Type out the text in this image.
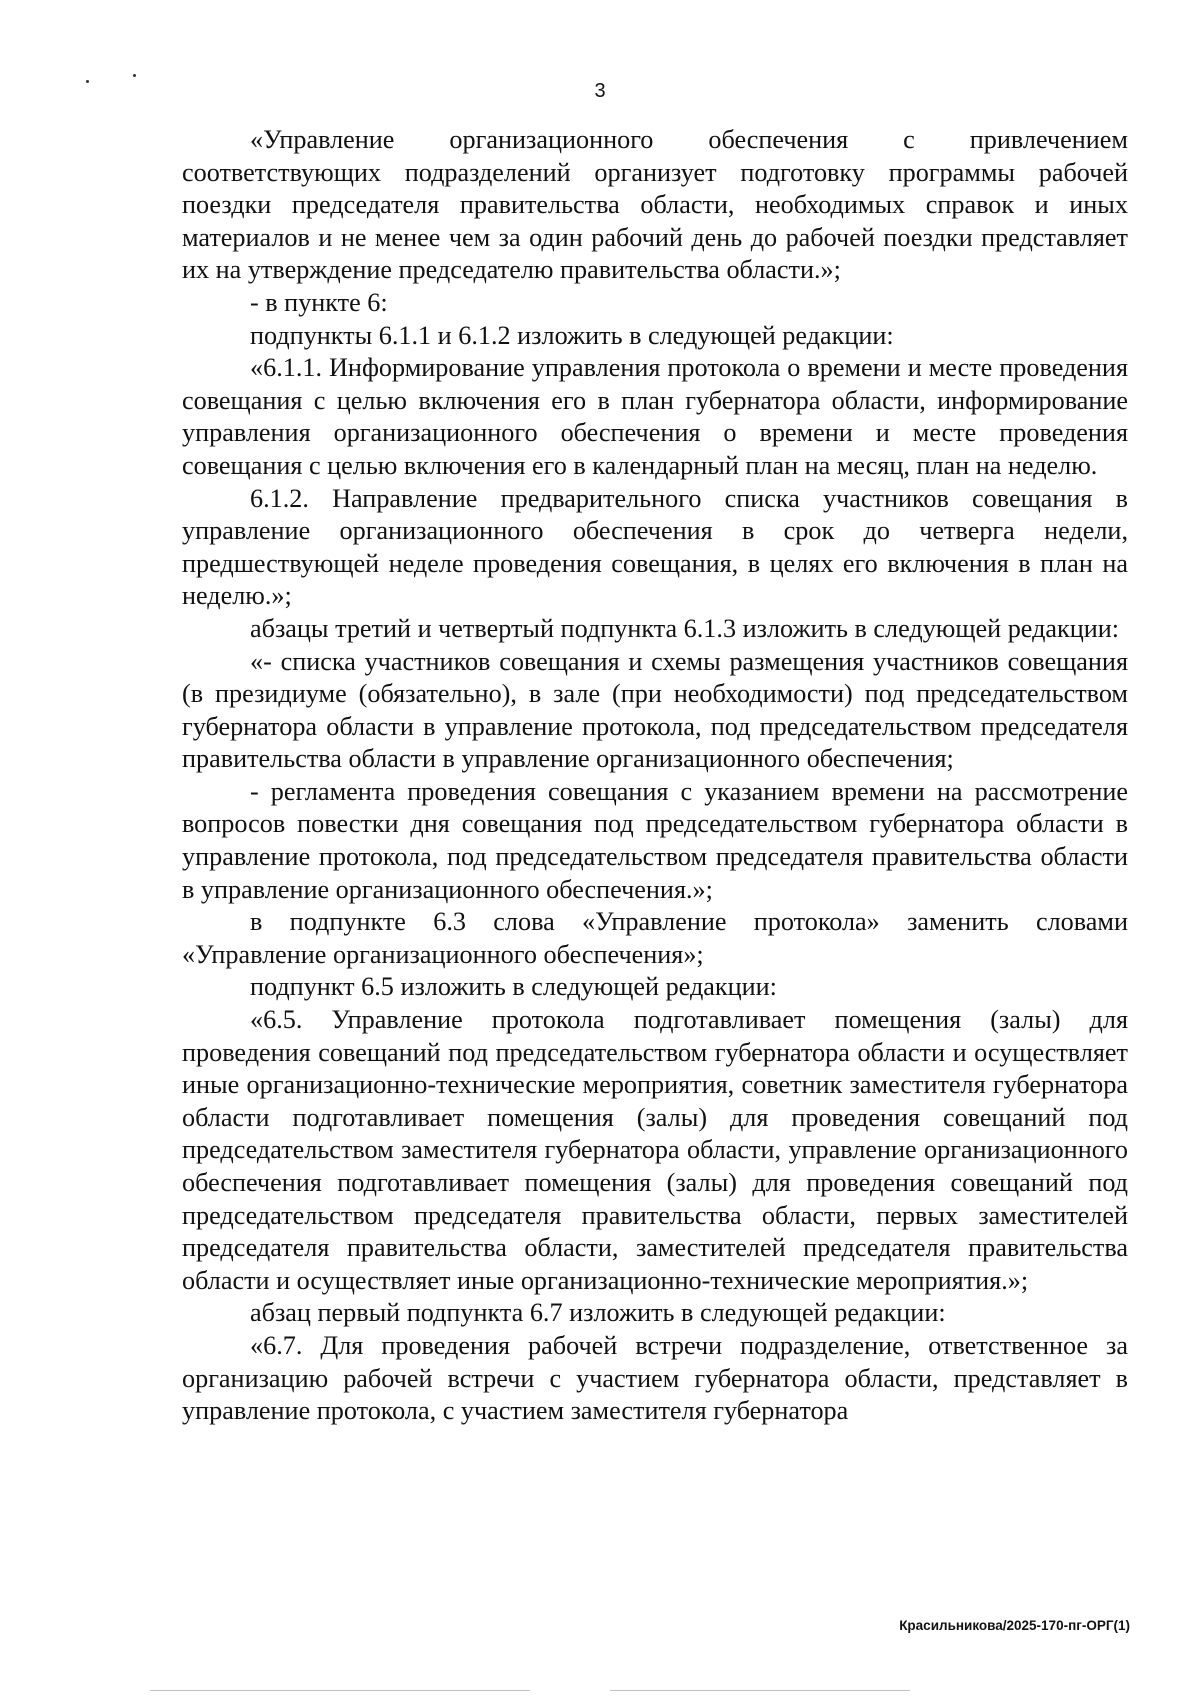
3

«Управление организационного обеспечения с привлечением соответствующих подразделений организует подготовку программы рабочей поездки председателя правительства области, необходимых справок и иных материалов и не менее чем за один рабочий день до рабочей поездки представляет их на утверждение председателю правительства области.»;

- в пункте 6:

подпункты 6.1.1 и 6.1.2 изложить в следующей редакции:

«6.1.1. Информирование управления протокола о времени и месте проведения совещания с целью включения его в план губернатора области, информирование управления организационного обеспечения о времени и месте проведения совещания с целью включения его в календарный план на месяц, план на неделю.

6.1.2. Направление предварительного списка участников совещания в управление организационного обеспечения в срок до четверга недели, предшествующей неделе проведения совещания, в целях его включения в план на неделю.»;

абзацы третий и четвертый подпункта 6.1.3 изложить в следующей редакции:

«- списка участников совещания и схемы размещения участников совещания (в президиуме (обязательно), в зале (при необходимости) под председательством губернатора области в управление протокола, под председательством председателя правительства области в управление организационного обеспечения;

- регламента проведения совещания с указанием времени на рассмотрение вопросов повестки дня совещания под председательством губернатора области в управление протокола, под председательством председателя правительства области в управление организационного обеспечения.»;

в подпункте 6.3 слова «Управление протокола» заменить словами «Управление организационного обеспечения»;

подпункт 6.5 изложить в следующей редакции:

«6.5. Управление протокола подготавливает помещения (залы) для проведения совещаний под председательством губернатора области и осуществляет иные организационно-технические мероприятия, советник заместителя губернатора области подготавливает помещения (залы) для проведения совещаний под председательством заместителя губернатора области, управление организационного обеспечения подготавливает помещения (залы) для проведения совещаний под председательством председателя правительства области, первых заместителей председателя правительства области, заместителей председателя правительства области и осуществляет иные организационно-технические мероприятия.»;

абзац первый подпункта 6.7 изложить в следующей редакции:

«6.7. Для проведения рабочей встречи подразделение, ответственное за организацию рабочей встречи с участием губернатора области, представляет в управление протокола, с участием заместителя губернатора

Красильникова/2025-170-пг-ОРГ(1)
